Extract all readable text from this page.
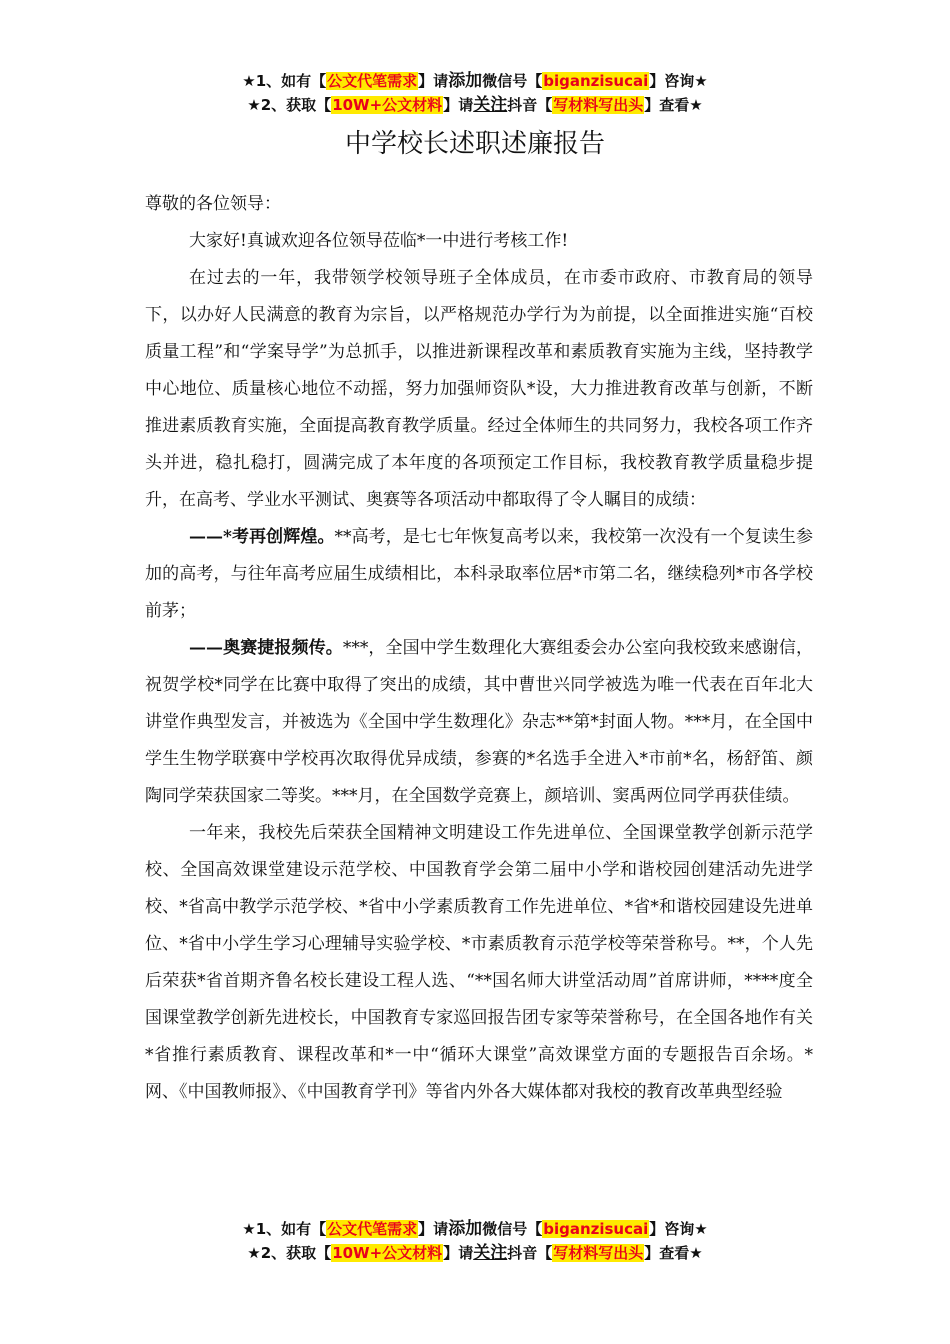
★1、如有【公文代笔需求】请添加微信号【biganzisucai】咨询★
★2、获取【10W+公文材料】请关注抖音【写材料写出头】查看★
中学校长述职述廉报告

尊敬的各位领导：

大家好!真诚欢迎各位领导莅临*一中进行考核工作!

在过去的一年，我带领学校领导班子全体成员，在市委市政府、市教育局的领导下，以办好人民满意的教育为宗旨，以严格规范办学行为为前提，以全面推进实施“百校质量工程”和“学案导学”为总抓手，以推进新课程改革和素质教育实施为主线，坚持教学中心地位、质量核心地位不动摇，努力加强师资队*设，大力推进教育改革与创新，不断推进素质教育实施，全面提高教育教学质量。经过全体师生的共同努力，我校各项工作齐头并进，稳扎稳打，圆满完成了本年度的各项预定工作目标，我校教育教学质量稳步提升，在高考、学业水平测试、奥赛等各项活动中都取得了令人瞩目的成绩：

——*考再创辉煌。**高考，是七七年恢复高考以来，我校第一次没有一个复读生参加的高考，与往年高考应届生成绩相比，本科录取率位居*市第二名，继续稳列*市各学校前茅；

——奥赛捷报频传。***，全国中学生数理化大赛组委会办公室向我校致来感谢信，祝贺学校*同学在比赛中取得了突出的成绩，其中曹世兴同学被选为唯一代表在百年北大讲堂作典型发言，并被选为《全国中学生数理化》杂志**第*封面人物。***月，在全国中学生生物学联赛中学校再次取得优异成绩，参赛的*名选手全进入*市前*名，杨舒笛、颜陶同学荣获国家二等奖。***月，在全国数学竞赛上，颜培训、窦禹两位同学再获佳绩。

一年来，我校先后荣获全国精神文明建设工作先进单位、全国课堂教学创新示范学校、全国高效课堂建设示范学校、中国教育学会第二届中小学和谐校园创建活动先进学校、*省高中教学示范学校、*省中小学素质教育工作先进单位、*省*和谐校园建设先进单位、*省中小学生学习心理辅导实验学校、*市素质教育示范学校等荣誉称号。**，个人先后荣获*省首期齐鲁名校长建设工程人选、“**国名师大讲堂活动周”首席讲师，****度全国课堂教学创新先进校长，中国教育专家巡回报告团专家等荣誉称号，在全国各地作有关*省推行素质教育、课程改革和*一中“循环大课堂”高效课堂方面的专题报告百余场。*网、《中国教师报》、《中国教育学刊》等省内外各大媒体都对我校的教育改革典型经验

★1、如有【公文代笔需求】请添加微信号【biganzisucai】咨询★
★2、获取【10W+公文材料】请关注抖音【写材料写出头】查看★
